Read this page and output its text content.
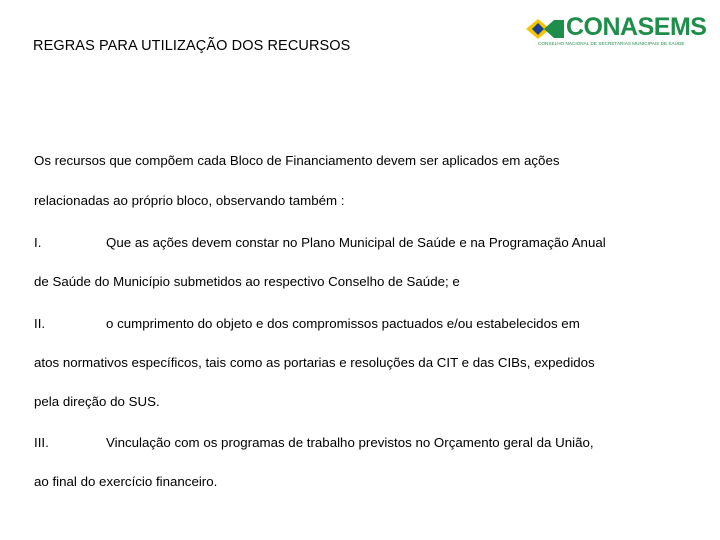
REGRAS PARA UTILIZAÇÃO DOS RECURSOS
CONASEMS
CONSELHO NACIONAL DE SECRETARIAS MUNICIPAIS DE SAÚDE
Os recursos que compõem cada Bloco de Financiamento devem ser aplicados em ações
relacionadas ao próprio bloco, observando também :
I.	Que as ações devem constar no Plano Municipal de Saúde e na Programação Anual
de Saúde do Município submetidos ao respectivo Conselho de Saúde; e
II.	o cumprimento do objeto e dos compromissos pactuados e/ou estabelecidos em
atos normativos específicos, tais como as portarias e resoluções da CIT e das CIBs, expedidos
pela direção do SUS.
III.	Vinculação com os programas de trabalho previstos no Orçamento geral da União,
ao final do exercício financeiro.
